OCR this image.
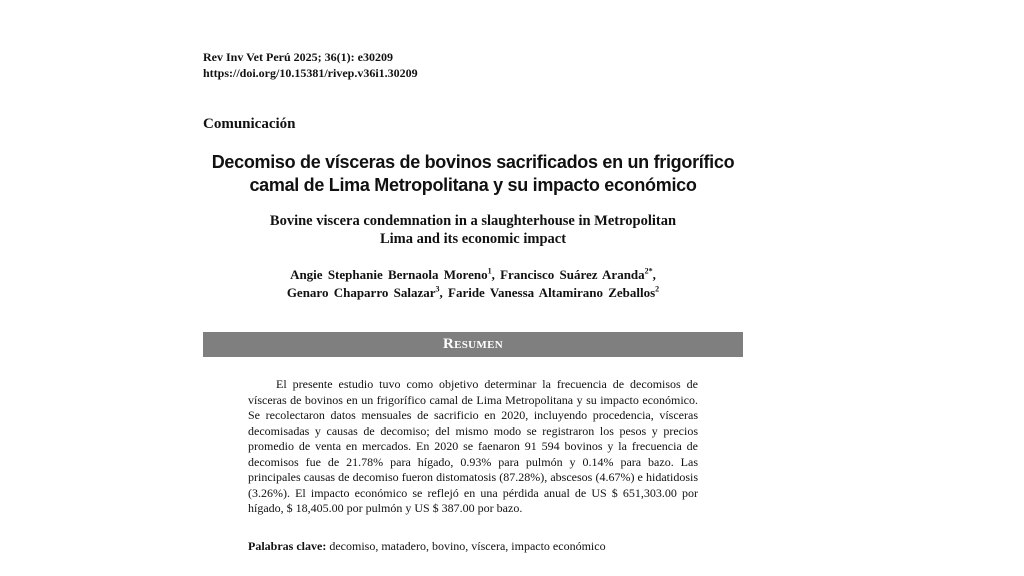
Rev Inv Vet Perú 2025; 36(1): e30209
https://doi.org/10.15381/rivep.v36i1.30209
Comunicación
Decomiso de vísceras de bovinos sacrificados en un frigorífico
camal de Lima Metropolitana y su impacto económico
Bovine viscera condemnation in a slaughterhouse in Metropolitan
Lima and its economic impact
Angie Stephanie Bernaola Moreno$^1$, Francisco Suárez Aranda$^{2*}$,
Genaro Chaparro Salazar$^3$, Faride Vanessa Altamirano Zeballos$^2$
Resumen

El presente estudio tuvo como objetivo determinar la frecuencia de decomisos de vísceras de bovinos en un frigorífico camal de Lima Metropolitana y su impacto económico. Se recolectaron datos mensuales de sacrificio en 2020, incluyendo procedencia, vísceras decomisadas y causas de decomiso; del mismo modo se registraron los pesos y precios promedio de venta en mercados. En 2020 se faenaron 91 594 bovinos y la frecuencia de decomisos fue de 21.78% para hígado, 0.93% para pulmón y 0.14% para bazo. Las principales causas de decomiso fueron distomatosis (87.28%), abscesos (4.67%) e hidatidosis (3.26%). El impacto económico se reflejó en una pérdida anual de US $ 651,303.00 por hígado, $ 18,405.00 por pulmón y US $ 387.00 por bazo.

Palabras clave: decomiso, matadero, bovino, víscera, impacto económico
